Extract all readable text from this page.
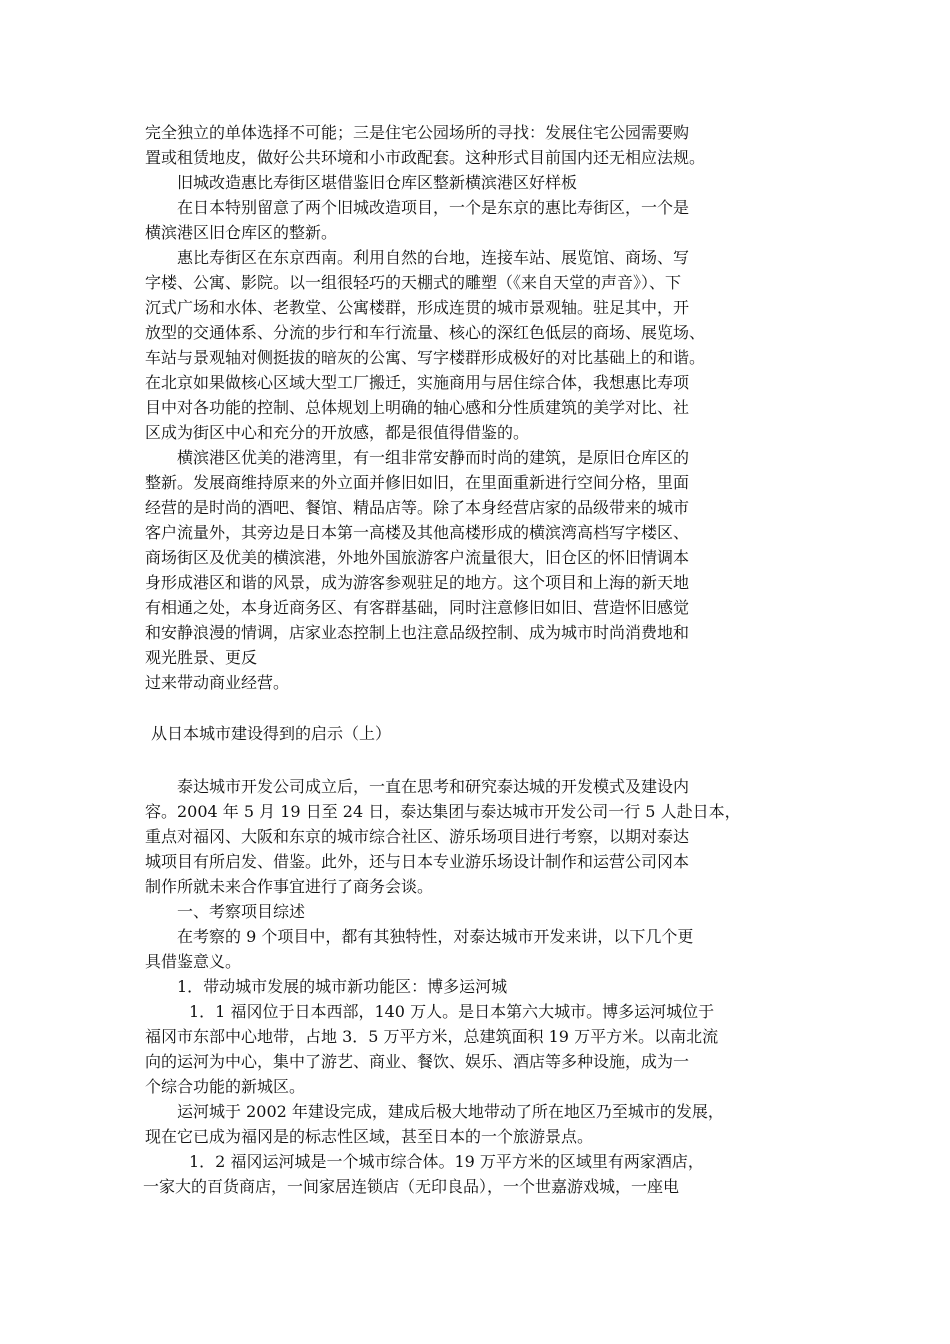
完全独立的单体选择不可能；三是住宅公园场所的寻找：发展住宅公园需要购
置或租赁地皮，做好公共环境和小市政配套。这种形式目前国内还无相应法规。
旧城改造惠比寿街区堪借鉴旧仓库区整新横滨港区好样板
在日本特别留意了两个旧城改造项目，一个是东京的惠比寿街区，一个是
横滨港区旧仓库区的整新。
惠比寿街区在东京西南。利用自然的台地，连接车站、展览馆、商场、写
字楼、公寓、影院。以一组很轻巧的天棚式的雕塑（《来自天堂的声音》）、下
沉式广场和水体、老教堂、公寓楼群，形成连贯的城市景观轴。驻足其中，开
放型的交通体系、分流的步行和车行流量、核心的深红色低层的商场、展览场、
车站与景观轴对侧挺拔的暗灰的公寓、写字楼群形成极好的对比基础上的和谐。
在北京如果做核心区域大型工厂搬迁，实施商用与居住综合体，我想惠比寿项
目中对各功能的控制、总体规划上明确的轴心感和分性质建筑的美学对比、社
区成为街区中心和充分的开放感，都是很值得借鉴的。
横滨港区优美的港湾里，有一组非常安静而时尚的建筑，是原旧仓库区的
整新。发展商维持原来的外立面并修旧如旧，在里面重新进行空间分格，里面
经营的是时尚的酒吧、餐馆、精品店等。除了本身经营店家的品级带来的城市
客户流量外，其旁边是日本第一高楼及其他高楼形成的横滨湾高档写字楼区、
商场街区及优美的横滨港，外地外国旅游客户流量很大，旧仓区的怀旧情调本
身形成港区和谐的风景，成为游客参观驻足的地方。这个项目和上海的新天地
有相通之处，本身近商务区、有客群基础，同时注意修旧如旧、营造怀旧感觉
和安静浪漫的情调，店家业态控制上也注意品级控制、成为城市时尚消费地和
观光胜景、更反
过来带动商业经营。
从日本城市建设得到的启示（上）
泰达城市开发公司成立后，一直在思考和研究泰达城的开发模式及建设内
容。2004 年 5 月 19 日至 24 日，泰达集团与泰达城市开发公司一行 5 人赴日本，
重点对福冈、大阪和东京的城市综合社区、游乐场项目进行考察，以期对泰达
城项目有所启发、借鉴。此外，还与日本专业游乐场设计制作和运营公司冈本
制作所就未来合作事宜进行了商务会谈。
一、考察项目综述
在考察的 9 个项目中，都有其独特性，对泰达城市开发来讲，以下几个更
具借鉴意义。
1．带动城市发展的城市新功能区：博多运河城
1．1 福冈位于日本西部，140 万人。是日本第六大城市。博多运河城位于
福冈市东部中心地带，占地 3．5 万平方米，总建筑面积 19 万平方米。以南北流
向的运河为中心，集中了游艺、商业、餐饮、娱乐、酒店等多种设施，成为一
个综合功能的新城区。
运河城于 2002 年建设完成，建成后极大地带动了所在地区乃至城市的发展，
现在它已成为福冈是的标志性区域，甚至日本的一个旅游景点。
1．2 福冈运河城是一个城市综合体。19 万平方米的区域里有两家酒店，
一家大的百货商店，一间家居连锁店（无印良品），一个世嘉游戏城，一座电
